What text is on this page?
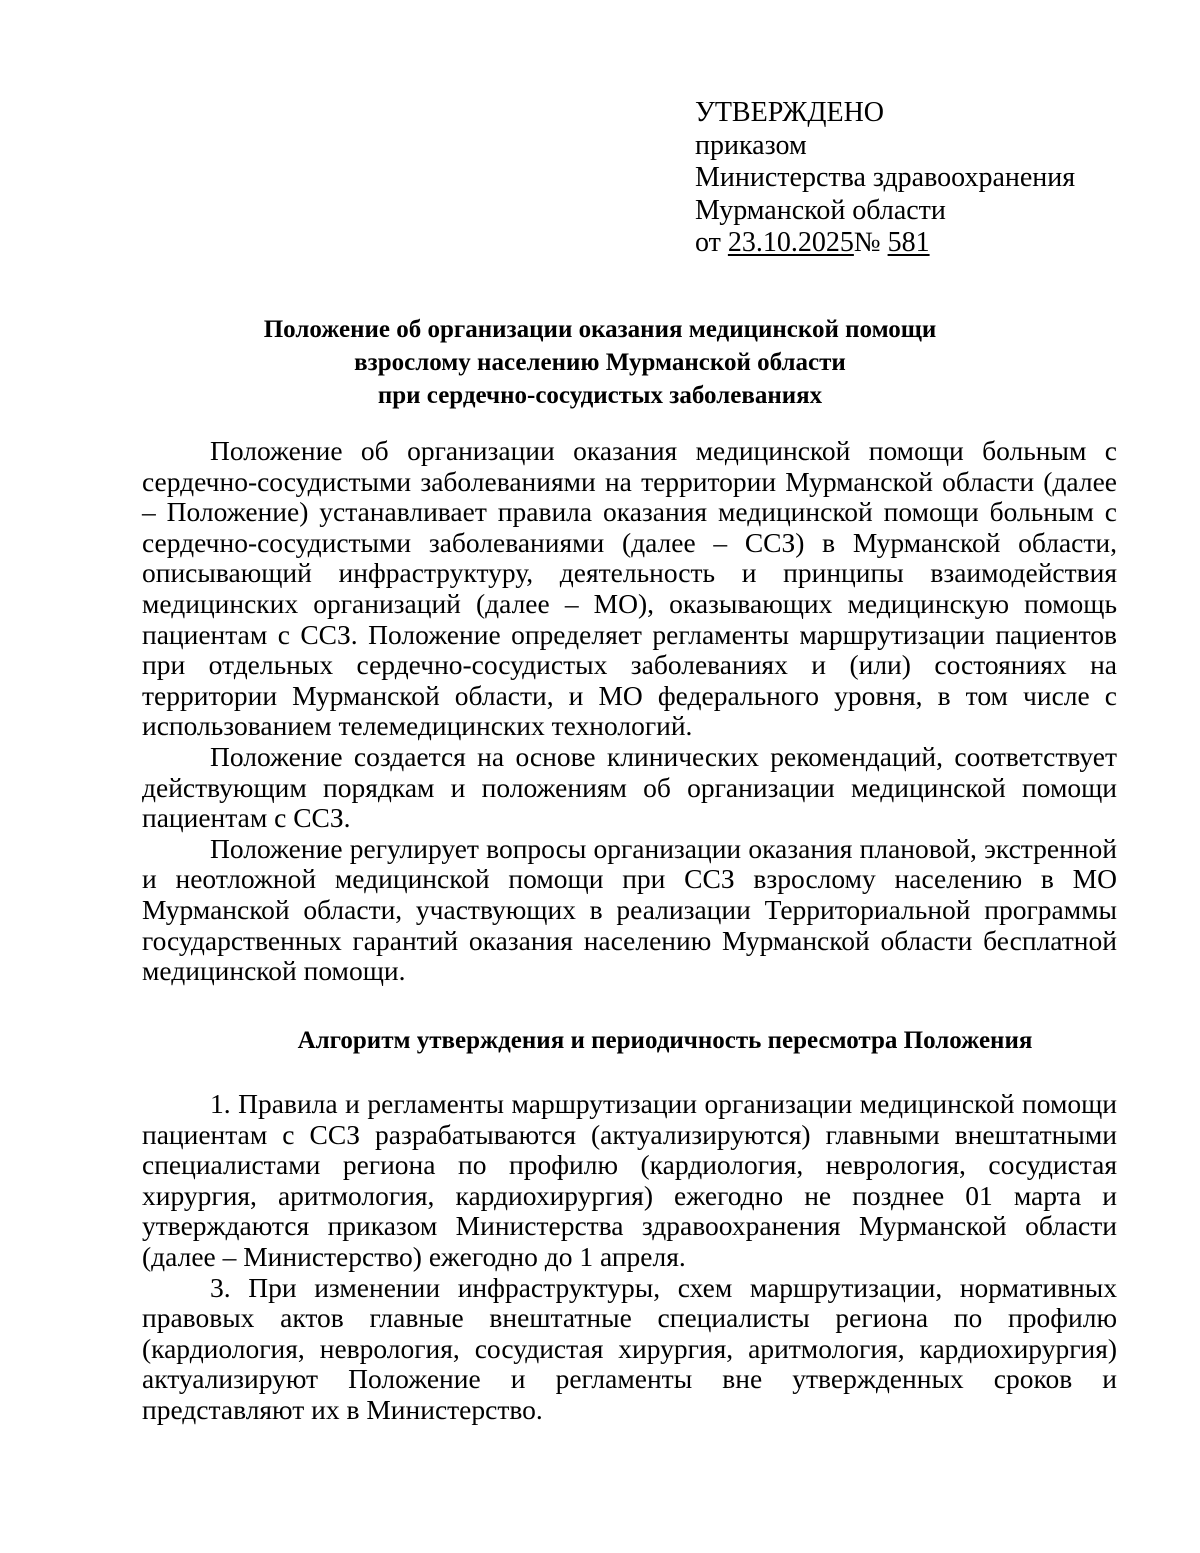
УТВЕРЖДЕНО
приказом
Министерства здравоохранения
Мурманской области
от 23.10.2025№ 581
Положение об организации оказания медицинской помощи
взрослому населению Мурманской области
при сердечно-сосудистых заболеваниях

Положение об организации оказания медицинской помощи больным с сердечно-сосудистыми заболеваниями на территории Мурманской области (далее – Положение) устанавливает правила оказания медицинской помощи больным с сердечно-сосудистыми заболеваниями (далее – ССЗ) в Мурманской области, описывающий инфраструктуру, деятельность и принципы взаимодействия медицинских организаций (далее – МО), оказывающих медицинскую помощь пациентам с ССЗ. Положение определяет регламенты маршрутизации пациентов при отдельных сердечно-сосудистых заболеваниях и (или) состояниях на территории Мурманской области, и МО федерального уровня, в том числе с использованием телемедицинских технологий.

Положение создается на основе клинических рекомендаций, соответствует действующим порядкам и положениям об организации медицинской помощи пациентам с ССЗ.

Положение регулирует вопросы организации оказания плановой, экстренной и неотложной медицинской помощи при ССЗ взрослому населению в МО Мурманской области, участвующих в реализации Территориальной программы государственных гарантий оказания населению Мурманской области бесплатной медицинской помощи.

Алгоритм утверждения и периодичность пересмотра Положения

1. Правила и регламенты маршрутизации организации медицинской помощи пациентам с ССЗ разрабатываются (актуализируются) главными внештатными специалистами региона по профилю (кардиология, неврология, сосудистая хирургия, аритмология, кардиохирургия) ежегодно не позднее 01 марта и утверждаются приказом Министерства здравоохранения Мурманской области (далее – Министерство) ежегодно до 1 апреля.

3. При изменении инфраструктуры, схем маршрутизации, нормативных правовых актов главные внештатные специалисты региона по профилю (кардиология, неврология, сосудистая хирургия, аритмология, кардиохирургия) актуализируют Положение и регламенты вне утвержденных сроков и представляют их в Министерство.
